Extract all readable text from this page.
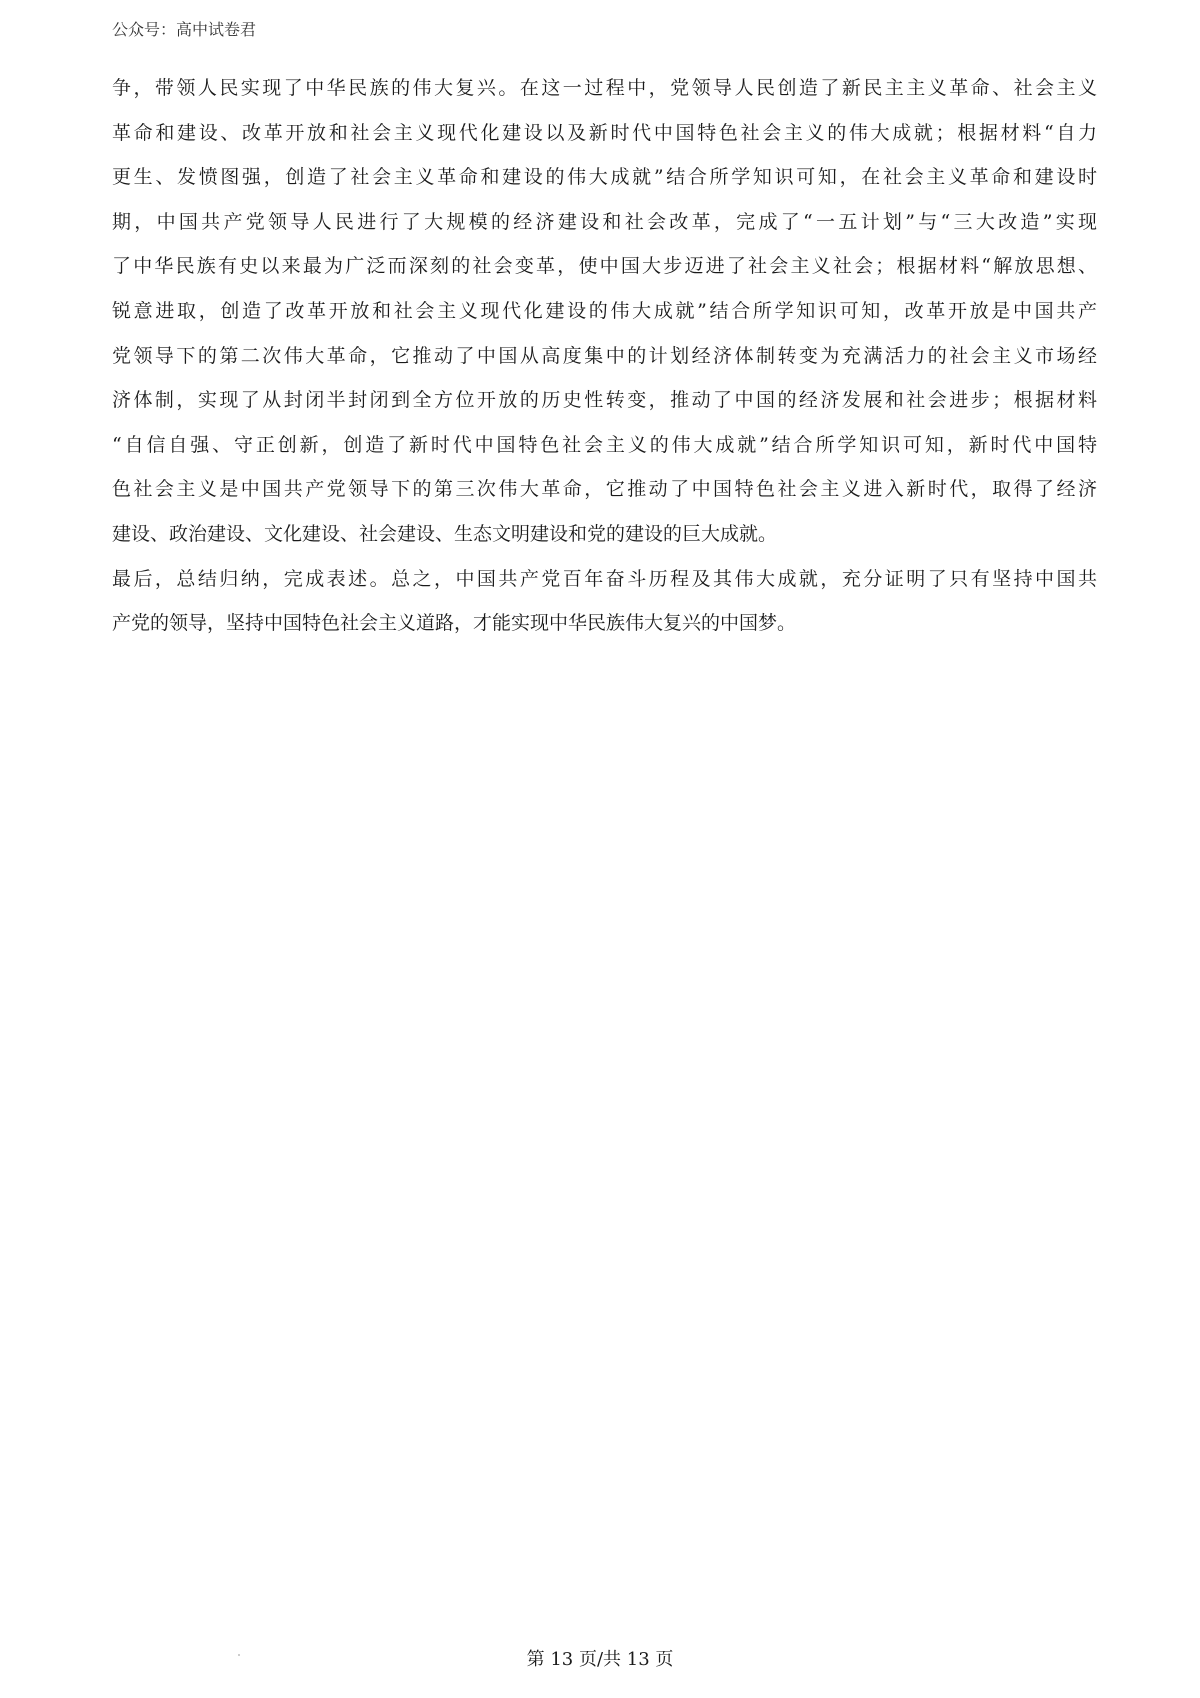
公众号：高中试卷君
争，带领人民实现了中华民族的伟大复兴。在这一过程中，党领导人民创造了新民主主义革命、社会主义
革命和建设、改革开放和社会主义现代化建设以及新时代中国特色社会主义的伟大成就；根据材料“自力
更生、发愤图强，创造了社会主义革命和建设的伟大成就”结合所学知识可知，在社会主义革命和建设时
期，中国共产党领导人民进行了大规模的经济建设和社会改革，完成了“一五计划”与“三大改造”实现
了中华民族有史以来最为广泛而深刻的社会变革，使中国大步迈进了社会主义社会；根据材料“解放思想、
锐意进取，创造了改革开放和社会主义现代化建设的伟大成就”结合所学知识可知，改革开放是中国共产
党领导下的第二次伟大革命，它推动了中国从高度集中的计划经济体制转变为充满活力的社会主义市场经
济体制，实现了从封闭半封闭到全方位开放的历史性转变，推动了中国的经济发展和社会进步；根据材料
“自信自强、守正创新，创造了新时代中国特色社会主义的伟大成就”结合所学知识可知，新时代中国特
色社会主义是中国共产党领导下的第三次伟大革命，它推动了中国特色社会主义进入新时代，取得了经济
建设、政治建设、文化建设、社会建设、生态文明建设和党的建设的巨大成就。
最后，总结归纳，完成表述。总之，中国共产党百年奋斗历程及其伟大成就，充分证明了只有坚持中国共
产党的领导，坚持中国特色社会主义道路，才能实现中华民族伟大复兴的中国梦。
第 13 页/共 13 页
